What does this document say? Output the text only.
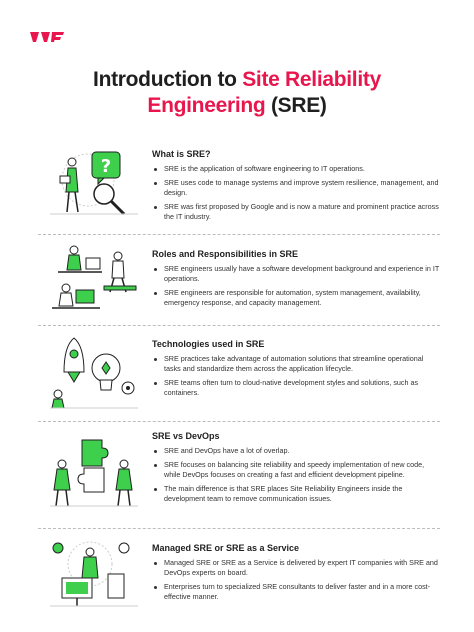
Introduction to Site Reliability
Engineering (SRE)
?
What is SRE?
SRE is the application of software engineering to IT operations.
SRE uses code to manage systems and improve system resilience, management, and design.
SRE was first proposed by Google and is now a mature and prominent practice across the IT industry.
Roles and Responsibilities in SRE
SRE engineers usually have a software development background and experience in IT operations.
SRE engineers are responsible for automation, system management, availability, emergency response, and capacity management.
Technologies used in SRE
SRE practices take advantage of automation solutions that streamline operational tasks and standardize them across the application lifecycle.
SRE teams often turn to cloud-native development styles and solutions, such as containers.
SRE vs DevOps
SRE and DevOps have a lot of overlap.
SRE focuses on balancing site reliability and speedy implementation of new code, while DevOps focuses on creating a fast and efficient development pipeline.
The main difference is that SRE places Site Reliability Engineers inside the development team to remove communication issues.
Managed SRE or SRE as a Service
Managed SRE or SRE as a Service is delivered by expert IT companies with SRE and DevOps experts on board.
Enterprises turn to specialized SRE consultants to deliver faster and in a more cost-effective manner.
